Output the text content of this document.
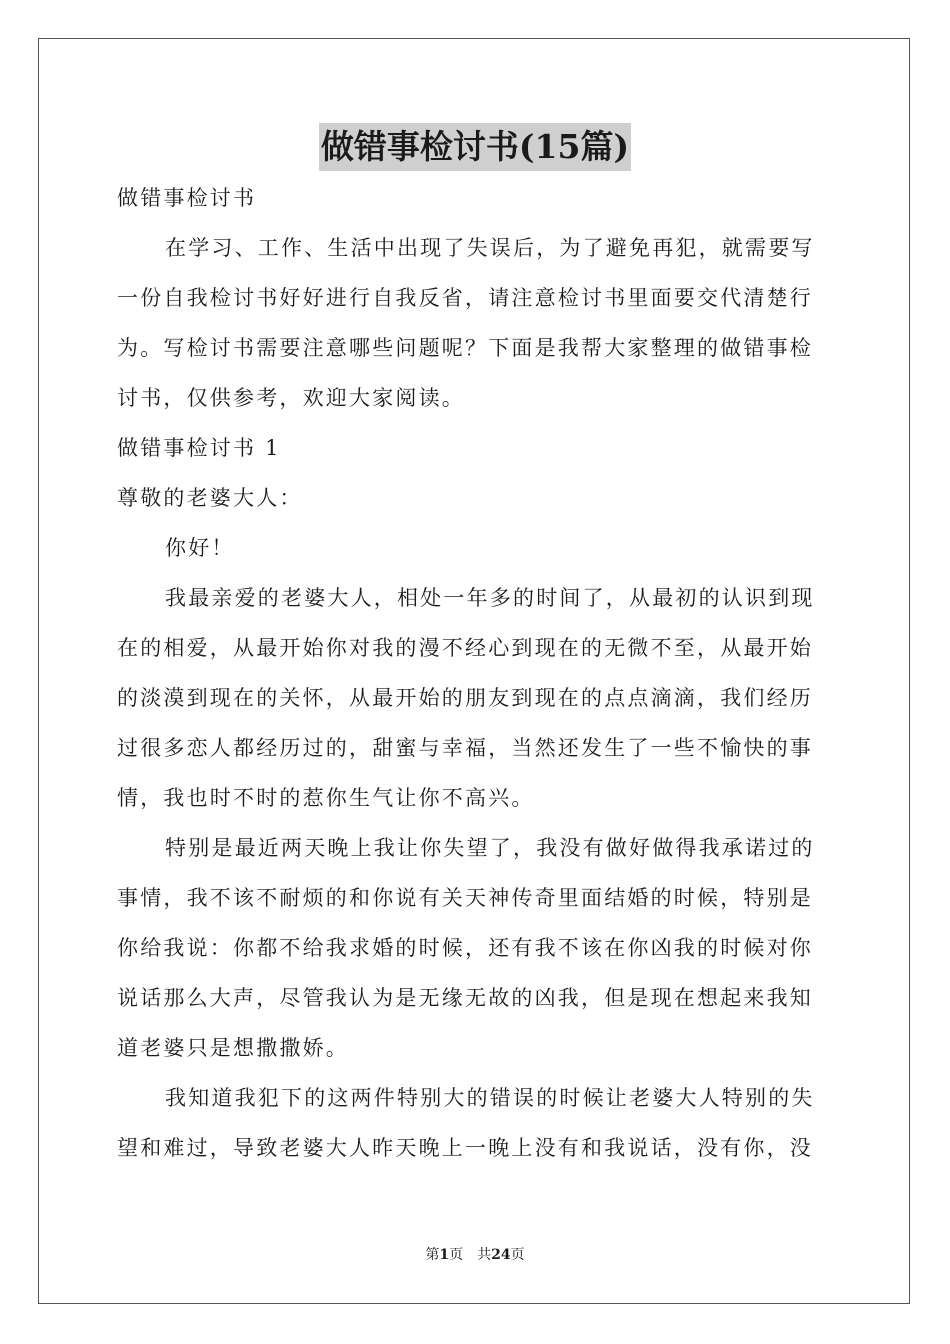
做错事检讨书(15篇)

做错事检讨书

在学习、工作、生活中出现了失误后，为了避免再犯，就需要写

一份自我检讨书好好进行自我反省，请注意检讨书里面要交代清楚行

为。写检讨书需要注意哪些问题呢？下面是我帮大家整理的做错事检

讨书，仅供参考，欢迎大家阅读。

做错事检讨书 1

尊敬的老婆大人：

你好！

我最亲爱的老婆大人，相处一年多的时间了，从最初的认识到现

在的相爱，从最开始你对我的漫不经心到现在的无微不至，从最开始

的淡漠到现在的关怀，从最开始的朋友到现在的点点滴滴，我们经历

过很多恋人都经历过的，甜蜜与幸福，当然还发生了一些不愉快的事

情，我也时不时的惹你生气让你不高兴。

特别是最近两天晚上我让你失望了，我没有做好做得我承诺过的

事情，我不该不耐烦的和你说有关天神传奇里面结婚的时候，特别是

你给我说：你都不给我求婚的时候，还有我不该在你凶我的时候对你

说话那么大声，尽管我认为是无缘无故的凶我，但是现在想起来我知

道老婆只是想撒撒娇。

我知道我犯下的这两件特别大的错误的时候让老婆大人特别的失

望和难过，导致老婆大人昨天晚上一晚上没有和我说话，没有你，没

第1页　共24页
